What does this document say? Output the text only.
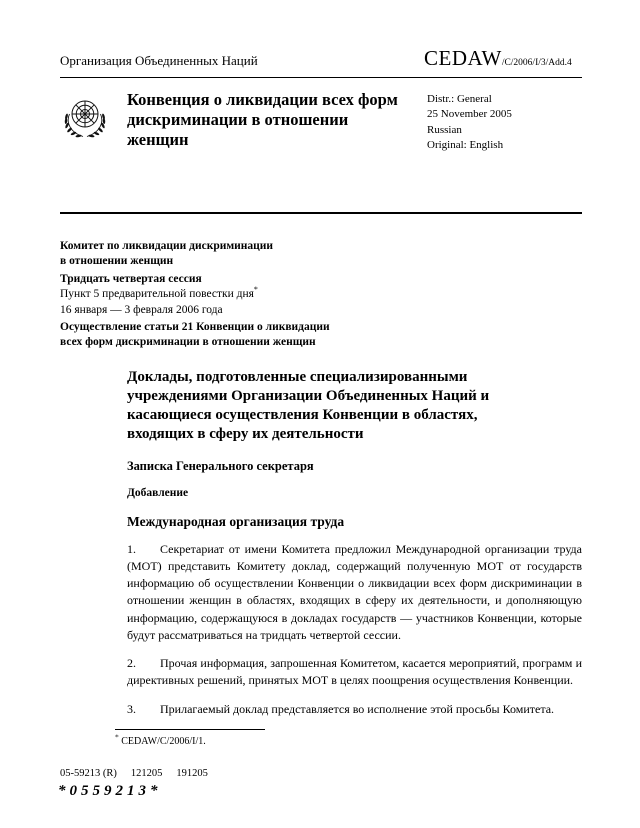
Организация Объединенных Наций	CEDAW/C/2006/I/3/Add.4
Конвенция о ликвидации всех форм дискриминации в отношении женщин
Distr.: General
25 November 2005
Russian
Original: English
Комитет по ликвидации дискриминации
в отношении женщин
Тридцать четвертая сессия
Пункт 5 предварительной повестки дня*
16 января — 3 февраля 2006 года
Осуществление статьи 21 Конвенции о ликвидации
всех форм дискриминации в отношении женщин
Доклады, подготовленные специализированными учреждениями Организации Объединенных Наций и касающиеся осуществления Конвенции в областях, входящих в сферу их деятельности
Записка Генерального секретаря
Добавление
Международная организация труда
1. Секретариат от имени Комитета предложил Международной организации труда (МОТ) представить Комитету доклад, содержащий полученную МОТ от государств информацию об осуществлении Конвенции о ликвидации всех форм дискриминации в отношении женщин в областях, входящих в сферу их деятельности, и дополняющую информацию, содержащуюся в докладах государств — участников Конвенции, которые будут рассматриваться на тридцать четвертой сессии.
2. Прочая информация, запрошенная Комитетом, касается мероприятий, программ и директивных решений, принятых МОТ в целях поощрения осуществления Конвенции.
3. Прилагаемый доклад представляется во исполнение этой просьбы Комитета.
* CEDAW/C/2006/I/1.
05-59213 (R) 121205 191205
*0559213*
